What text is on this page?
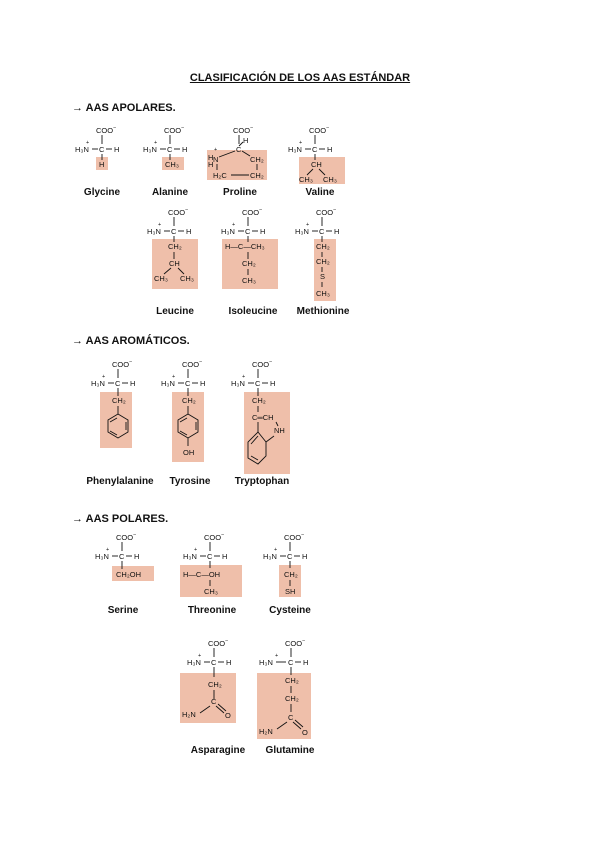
CLASIFICACIÓN DE LOS AAS ESTÁNDAR
→ AAS APOLARES.
→ AAS AROMÁTICOS.
→ AAS POLARES.
COO −
+
H₃N C H
H
Glycine
COO −
+
H₃N C H
CH₃
Alanine
COO −
H
C
+
H
H
N	CH₂
CH₂
H₂C
Proline
COO −
+
H₃N C H
CH
CH₃ CH₃
Valine
COO −
+
H₃N C H
CH₂
CH
CH₃ CH₃
Leucine
COO −
+
H₃N C H
H—C—CH₃
CH₂
CH₃
Isoleucine
COO −
+
H₃N C H
CH₂
CH₂
S
CH₃
Methionine
COO −
+
H₃N C H
CH₂
Phenylalanine
COO −
+
H₃N C H
CH₂
OH
Tyrosine
COO −
+
H₃N C H
CH₂
C═CH
NH
Tryptophan
COO −
+
H₃N C H
CH₂OH
Serine
COO −
+
H₃N C H
H—C—OH
CH₃
Threonine
COO −
+
H₃N C H
CH₂
SH
Cysteine
COO −
+
H₃N C H
CH₂
C
H₂N	O
Asparagine
COO −
+
H₃N C H
CH₂
CH₂
C
H₂N	O
Glutamine
